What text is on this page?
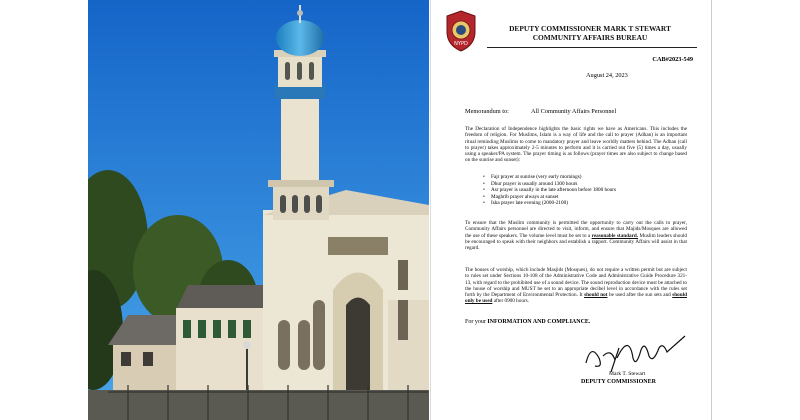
NYPD
DEPUTY COMMISSIONER MARK T STEWART
COMMUNITY AFFAIRS BUREAU
CAB#2023-549
August 24, 2023
Memorandum to:	All Community Affairs Personnel
The Declaration of Independence highlights the basic rights we have as Americans. This includes the freedom of religion. For Muslims, Islam is a way of life and the call to prayer (Adhan) is an important ritual reminding Muslims to come to mandatory prayer and leave worldly matters behind. The Adhan (call to prayer) takes approximately 2-5 minutes to perform and it is carried out five (5) times a day, usually using a speaker/PA system. The prayer timing is as follows (prayer times are also subject to change based on the sunrise and sunset):
• Fajr prayer at sunrise (very early mornings)
• Dhur prayer is usually around 1300 hours
• Asr prayer is usually in the late afternoon before 1800 hours
• Maghrib prayer always at sunset
• Isha prayer late evening (2000-2100)
To ensure that the Muslim community is permitted the opportunity to carry out the calls to prayer, Community Affairs personnel are directed to visit, inform, and ensure that Majids/Mosques are allowed the use of these speakers. The volume level must be set to a reasonable standard. Muslim leaders should be encouraged to speak with their neighbors and establish a rapport. Community Affairs will assist in that regard.
The houses of worship, which include Masjids (Mosques), do not require a written permit but are subject to rules set under Sections 10-108 of the Administrative Code and Administrative Guide Procedure 321-13, with regard to the prohibited use of a sound device. The sound reproduction device must be attached to the house of worship and MUST be set to an appropriate decibel level in accordance with the rules set forth by the Department of Environmental Protection. It should not be used after the sun sets and should only be used after 0900 hours.
For your INFORMATION AND COMPLIANCE.
Mark T. Stewart
DEPUTY COMMISSIONER
